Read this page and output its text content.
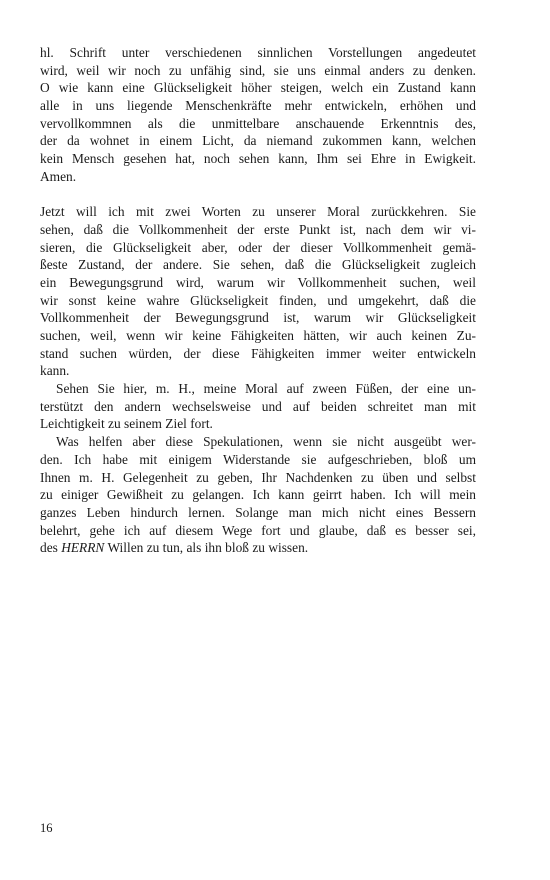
hl. Schrift unter verschiedenen sinnlichen Vorstellungen angedeutet
wird, weil wir noch zu unfähig sind, sie uns einmal anders zu denken.
O wie kann eine Glückseligkeit höher steigen, welch ein Zustand kann
alle in uns liegende Menschenkräfte mehr entwickeln, erhöhen und
vervollkommnen als die unmittelbare anschauende Erkenntnis des,
der da wohnet in einem Licht, da niemand zukommen kann, welchen
kein Mensch gesehen hat, noch sehen kann, Ihm sei Ehre in Ewigkeit.
Amen.
Jetzt will ich mit zwei Worten zu unserer Moral zurückkehren. Sie
sehen, daß die Vollkommenheit der erste Punkt ist, nach dem wir vi-
sieren, die Glückseligkeit aber, oder der dieser Vollkommenheit gemä-
ßeste Zustand, der andere. Sie sehen, daß die Glückseligkeit zugleich
ein Bewegungsgrund wird, warum wir Vollkommenheit suchen, weil
wir sonst keine wahre Glückseligkeit finden, und umgekehrt, daß die
Vollkommenheit der Bewegungsgrund ist, warum wir Glückseligkeit
suchen, weil, wenn wir keine Fähigkeiten hätten, wir auch keinen Zu-
stand suchen würden, der diese Fähigkeiten immer weiter entwickeln
kann.
Sehen Sie hier, m. H., meine Moral auf zween Füßen, der eine un-
terstützt den andern wechselsweise und auf beiden schreitet man mit
Leichtigkeit zu seinem Ziel fort.
Was helfen aber diese Spekulationen, wenn sie nicht ausgeübt wer-
den. Ich habe mit einigem Widerstande sie aufgeschrieben, bloß um
Ihnen m. H. Gelegenheit zu geben, Ihr Nachdenken zu üben und selbst
zu einiger Gewißheit zu gelangen. Ich kann geirrt haben. Ich will mein
ganzes Leben hindurch lernen. Solange man mich nicht eines Bessern
belehrt, gehe ich auf diesem Wege fort und glaube, daß es besser sei,
des HERRN Willen zu tun, als ihn bloß zu wissen.
16
